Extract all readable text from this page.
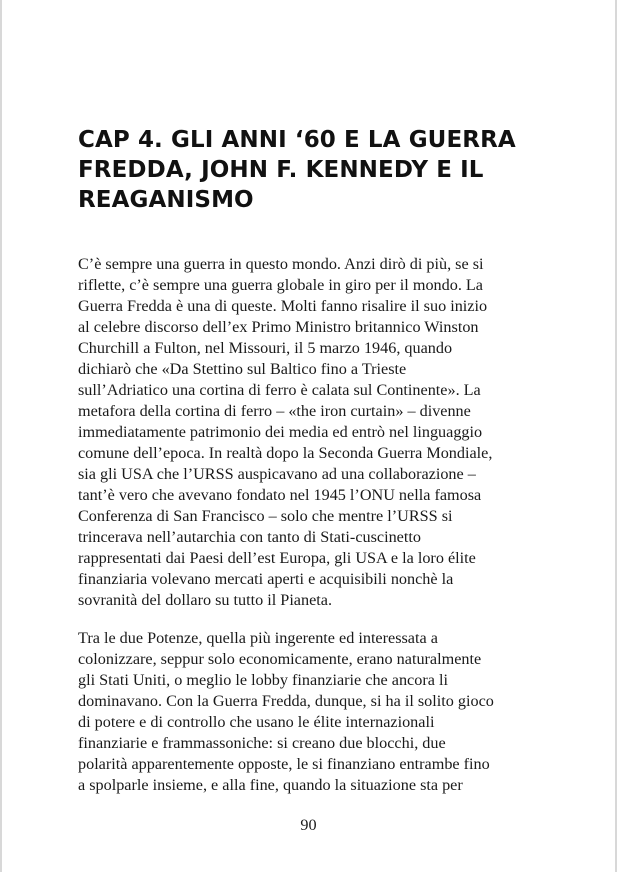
CAP 4. GLI ANNI ‘60 E LA GUERRA
FREDDA, JOHN F. KENNEDY E IL
REAGANISMO
C’è sempre una guerra in questo mondo. Anzi dirò di più, se si
riflette, c’è sempre una guerra globale in giro per il mondo. La
Guerra Fredda è una di queste. Molti fanno risalire il suo inizio
al celebre discorso dell’ex Primo Ministro britannico Winston
Churchill a Fulton, nel Missouri, il 5 marzo 1946, quando
dichiarò che «Da Stettino sul Baltico fino a Trieste
sull’Adriatico una cortina di ferro è calata sul Continente». La
metafora della cortina di ferro – «the iron curtain» – divenne
immediatamente patrimonio dei media ed entrò nel linguaggio
comune dell’epoca. In realtà dopo la Seconda Guerra Mondiale,
sia gli USA che l’URSS auspicavano ad una collaborazione –
tant’è vero che avevano fondato nel 1945 l’ONU nella famosa
Conferenza di San Francisco – solo che mentre l’URSS si
trincerava nell’autarchia con tanto di Stati-cuscinetto
rappresentati dai Paesi dell’est Europa, gli USA e la loro élite
finanziaria volevano mercati aperti e acquisibili nonchè la
sovranità del dollaro su tutto il Pianeta.
Tra le due Potenze, quella più ingerente ed interessata a
colonizzare, seppur solo economicamente, erano naturalmente
gli Stati Uniti, o meglio le lobby finanziarie che ancora li
dominavano. Con la Guerra Fredda, dunque, si ha il solito gioco
di potere e di controllo che usano le élite internazionali
finanziarie e frammassoniche: si creano due blocchi, due
polarità apparentemente opposte, le si finanziano entrambe fino
a spolparle insieme, e alla fine, quando la situazione sta per
90
